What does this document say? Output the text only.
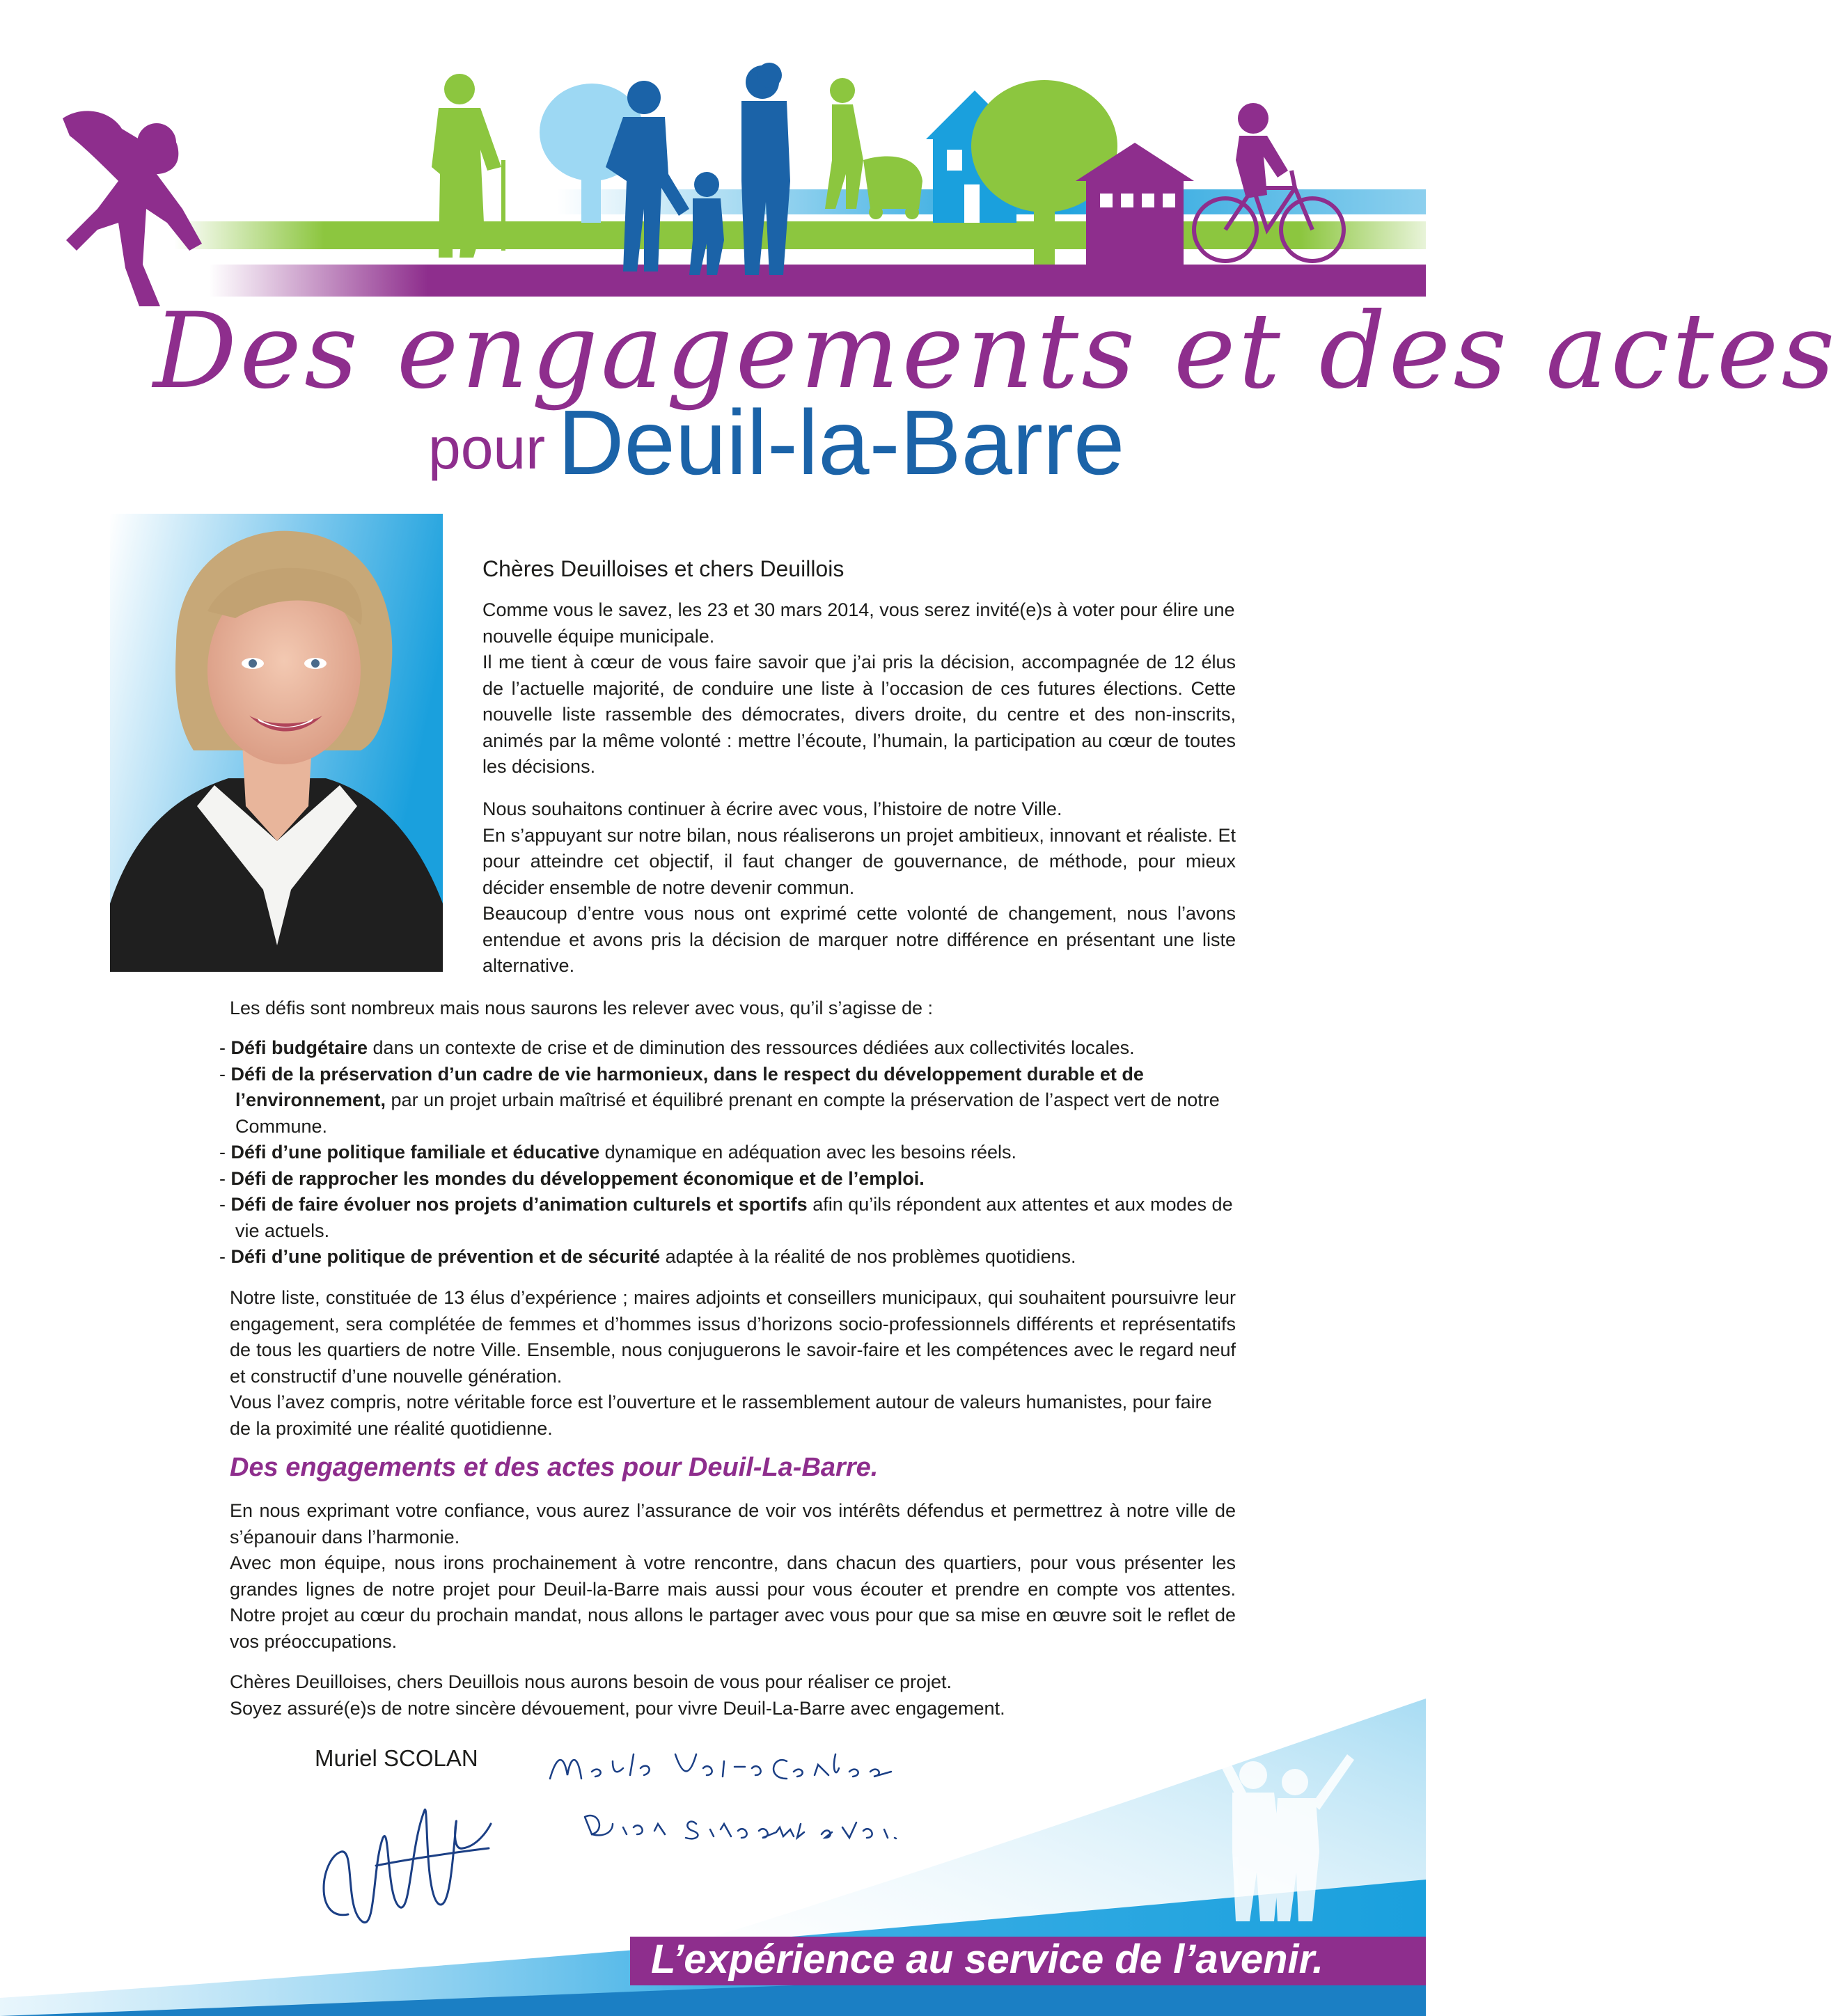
Des engagements et des actes
pour Deuil-la-Barre
Chères Deuilloises et chers Deuillois

Comme vous le savez, les 23 et 30 mars 2014, vous serez invité(e)s à voter pour élire une nouvelle équipe municipale.

Il me tient à cœur de vous faire savoir que j’ai pris la décision, accompagnée de 12 élus de l’actuelle majorité, de conduire une liste à l’occasion de ces futures élections. Cette nouvelle liste rassemble des démocrates, divers droite, du centre et des non-inscrits, animés par la même volonté : mettre l’écoute, l’humain, la participation au cœur de toutes les décisions.

Nous souhaitons continuer à écrire avec vous, l’histoire de notre Ville.

En s’appuyant sur notre bilan, nous réaliserons un projet ambitieux, innovant et réaliste. Et pour atteindre cet objectif, il faut changer de gouvernance, de méthode, pour mieux décider ensemble de notre devenir commun.

Beaucoup d’entre vous nous ont exprimé cette volonté de changement, nous l’avons entendue et avons pris la décision de marquer notre différence en présentant une liste alternative.

Les défis sont nombreux mais nous saurons les relever avec vous, qu’il s’agisse de :

- Défi budgétaire dans un contexte de crise et de diminution des ressources dédiées aux collectivités locales.

- Défi de la préservation d’un cadre de vie harmonieux, dans le respect du développement durable et de l’environnement, par un projet urbain maîtrisé et équilibré prenant en compte la préservation de l’aspect vert de notre Commune.

- Défi d’une politique familiale et éducative dynamique en adéquation avec les besoins réels.

- Défi de rapprocher les mondes du développement économique et de l’emploi.

- Défi de faire évoluer nos projets d’animation culturels et sportifs afin qu’ils répondent aux attentes et aux modes de vie actuels.

- Défi d’une politique de prévention et de sécurité adaptée à la réalité de nos problèmes quotidiens.

Notre liste, constituée de 13 élus d’expérience ; maires adjoints et conseillers municipaux, qui souhaitent poursuivre leur engagement, sera complétée de femmes et d’hommes issus d’horizons socio-professionnels différents et représentatifs de tous les quartiers de notre Ville. Ensemble, nous conjuguerons le savoir-faire et les compétences avec le regard neuf et constructif d’une nouvelle génération.

Vous l’avez compris, notre véritable force est l’ouverture et le rassemblement autour de valeurs humanistes, pour faire de la proximité une réalité quotidienne.

Des engagements et des actes pour Deuil-La-Barre.

En nous exprimant votre confiance, vous aurez l’assurance de voir vos intérêts défendus et permettrez à notre ville de s’épanouir dans l’harmonie.

Avec mon équipe, nous irons prochainement à votre rencontre, dans chacun des quartiers, pour vous présenter les grandes lignes de notre projet pour Deuil-la-Barre mais aussi pour vous écouter et prendre en compte vos attentes. Notre projet au cœur du prochain mandat, nous allons le partager avec vous pour que sa mise en œuvre soit le reflet de vos préoccupations.

Chères Deuilloises, chers Deuillois nous aurons besoin de vous pour réaliser ce projet.

Soyez assuré(e)s de notre sincère dévouement, pour vivre Deuil-La-Barre avec engagement.

Muriel SCOLAN
L’expérience au service de l’avenir.
